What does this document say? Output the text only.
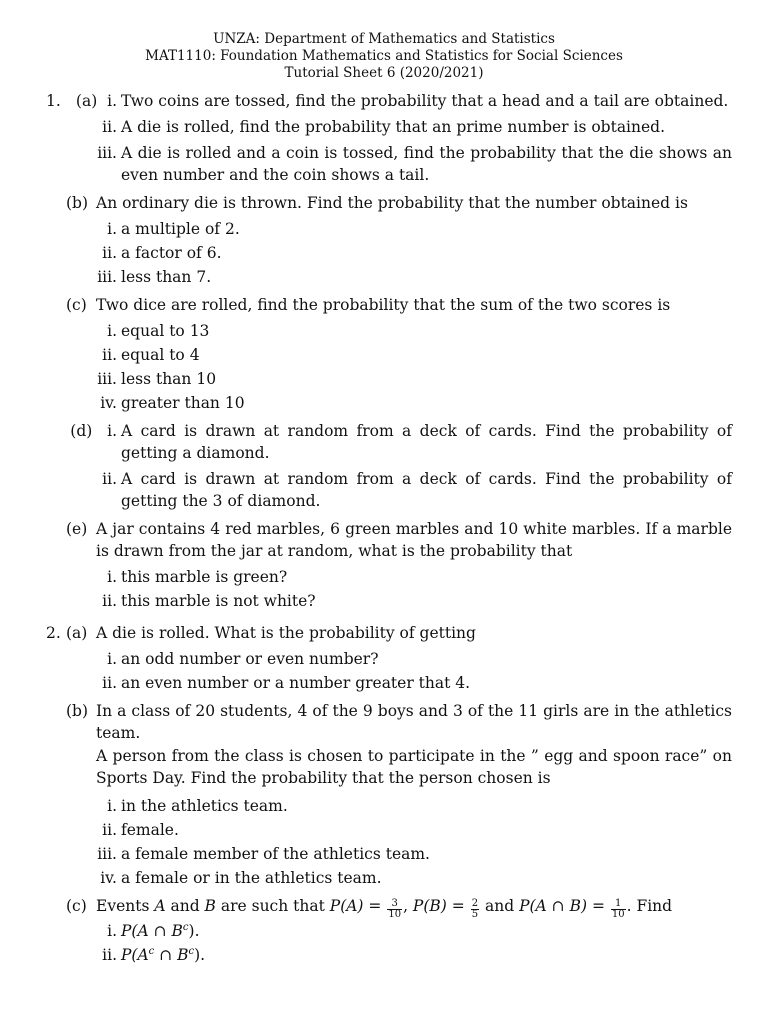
UNZA: Department of Mathematics and Statistics
MAT1110: Foundation Mathematics and Statistics for Social Sciences
Tutorial Sheet 6 (2020/2021)
1. (a) i. Two coins are tossed, find the probability that a head and a tail are obtained.
ii. A die is rolled, find the probability that an prime number is obtained.
iii. A die is rolled and a coin is tossed, find the probability that the die shows an even number and the coin shows a tail.
(b) An ordinary die is thrown. Find the probability that the number obtained is
i. a multiple of 2.
ii. a factor of 6.
iii. less than 7.
(c) Two dice are rolled, find the probability that the sum of the two scores is
i. equal to 13
ii. equal to 4
iii. less than 10
iv. greater than 10
(d) i. A card is drawn at random from a deck of cards. Find the probability of getting a diamond.
ii. A card is drawn at random from a deck of cards. Find the probability of getting the 3 of diamond.
(e) A jar contains 4 red marbles, 6 green marbles and 10 white marbles. If a marble is drawn from the jar at random, what is the probability that
i. this marble is green?
ii. this marble is not white?
2. (a) A die is rolled. What is the probability of getting
i. an odd number or even number?
ii. an even number or a number greater that 4.
(b) In a class of 20 students, 4 of the 9 boys and 3 of the 11 girls are in the athletics team.
A person from the class is chosen to participate in the ” egg and spoon race” on Sports Day. Find the probability that the person chosen is
i. in the athletics team.
ii. female.
iii. a female member of the athletics team.
iv. a female or in the athletics team.
(c) Events A and B are such that $P(A) = \frac{3}{10}$ , $P(B) = \frac{2}{5}$ and P(A ∩ $B) = \frac{1}{10}$ . Find
i. P(A ∩ $B^c$).
ii. $P(A^c$ ∩ $B^c$).
